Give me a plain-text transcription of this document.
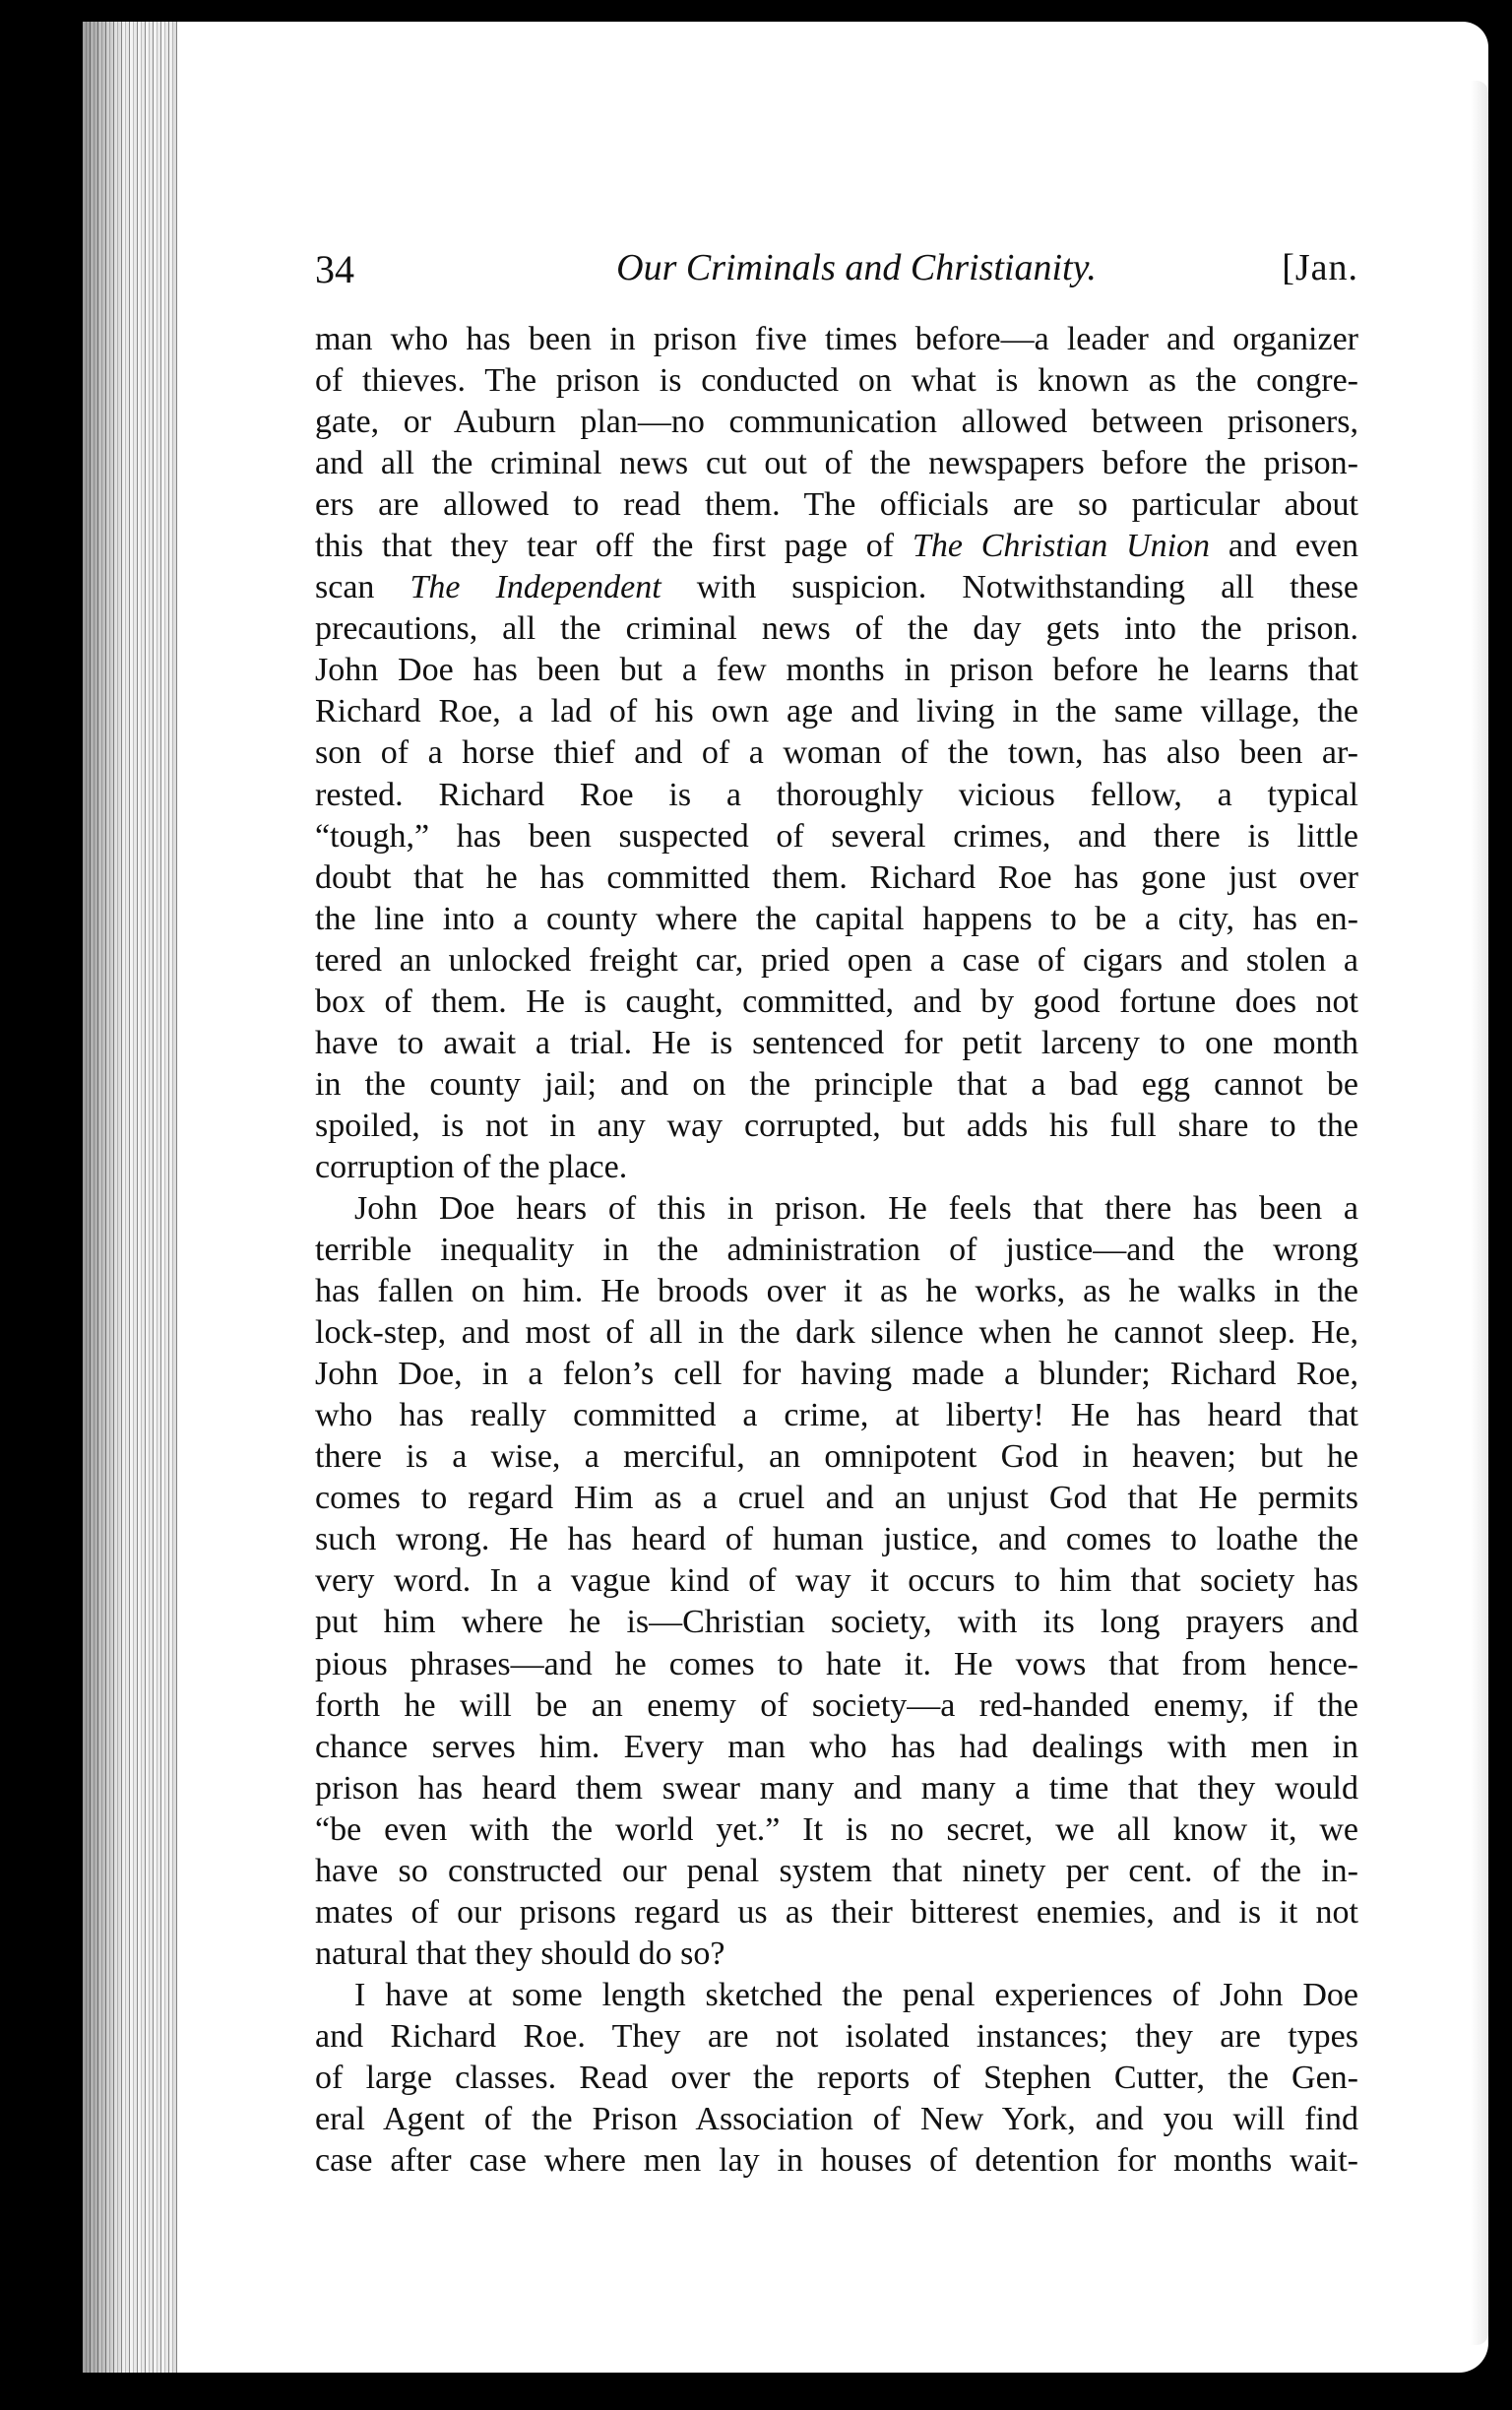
34	Our Criminals and Christianity.	[Jan.
man who has been in prison five times before—a leader and organizer
of thieves. The prison is conducted on what is known as the congre-
gate, or Auburn plan—no communication allowed between prisoners,
and all the criminal news cut out of the newspapers before the prison-
ers are allowed to read them. The officials are so particular about
this that they tear off the first page of The Christian Union and even
scan The Independent with suspicion. Notwithstanding all these
precautions, all the criminal news of the day gets into the prison.
John Doe has been but a few months in prison before he learns that
Richard Roe, a lad of his own age and living in the same village, the
son of a horse thief and of a woman of the town, has also been ar-
rested. Richard Roe is a thoroughly vicious fellow, a typical
“tough,” has been suspected of several crimes, and there is little
doubt that he has committed them. Richard Roe has gone just over
the line into a county where the capital happens to be a city, has en-
tered an unlocked freight car, pried open a case of cigars and stolen a
box of them. He is caught, committed, and by good fortune does not
have to await a trial. He is sentenced for petit larceny to one month
in the county jail; and on the principle that a bad egg cannot be
spoiled, is not in any way corrupted, but adds his full share to the
corruption of the place.
John Doe hears of this in prison. He feels that there has been a
terrible inequality in the administration of justice—and the wrong
has fallen on him. He broods over it as he works, as he walks in the
lock-step, and most of all in the dark silence when he cannot sleep. He,
John Doe, in a felon’s cell for having made a blunder; Richard Roe,
who has really committed a crime, at liberty! He has heard that
there is a wise, a merciful, an omnipotent God in heaven; but he
comes to regard Him as a cruel and an unjust God that He permits
such wrong. He has heard of human justice, and comes to loathe the
very word. In a vague kind of way it occurs to him that society has
put him where he is—Christian society, with its long prayers and
pious phrases—and he comes to hate it. He vows that from hence-
forth he will be an enemy of society—a red-handed enemy, if the
chance serves him. Every man who has had dealings with men in
prison has heard them swear many and many a time that they would
“be even with the world yet.” It is no secret, we all know it, we
have so constructed our penal system that ninety per cent. of the in-
mates of our prisons regard us as their bitterest enemies, and is it not
natural that they should do so?
I have at some length sketched the penal experiences of John Doe
and Richard Roe. They are not isolated instances; they are types
of large classes. Read over the reports of Stephen Cutter, the Gen-
eral Agent of the Prison Association of New York, and you will find
case after case where men lay in houses of detention for months wait-
